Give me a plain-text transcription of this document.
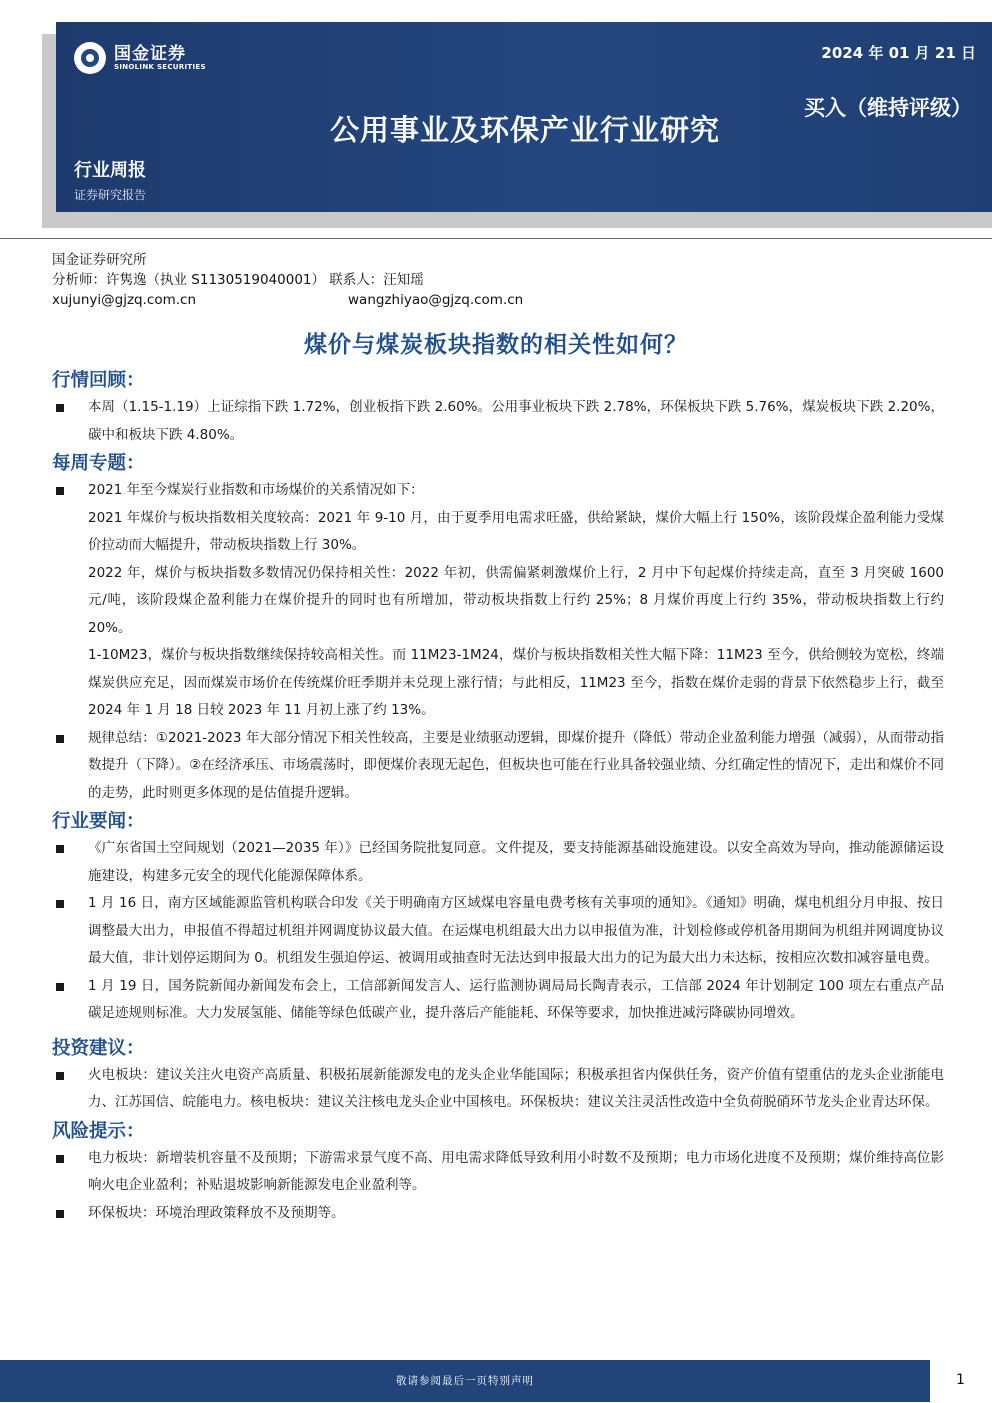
国金证券
SINOLINK SECURITIES
2024 年 01 月 21 日
买入（维持评级）
公用事业及环保产业行业研究
行业周报
证券研究报告
国金证券研究所
分析师：许隽逸（执业 S1130519040001） 联系人：汪知瑶
xujunyi@gjzq.com.cn	wangzhiyao@gjzq.com.cn
煤价与煤炭板块指数的相关性如何？
行情回顾：
本周（1.15-1.19）上证综指下跌 1.72%，创业板指下跌 2.60%。公用事业板块下跌 2.78%，环保板块下跌 5.76%，煤炭板块下跌 2.20%，碳中和板块下跌 4.80%。
每周专题：
2021 年至今煤炭行业指数和市场煤价的关系情况如下：
2021 年煤价与板块指数相关度较高：2021 年 9-10 月，由于夏季用电需求旺盛，供给紧缺，煤价大幅上行 150%，该阶段煤企盈利能力受煤价拉动而大幅提升，带动板块指数上行 30%。
2022 年，煤价与板块指数多数情况仍保持相关性：2022 年初，供需偏紧刺激煤价上行，2 月中下旬起煤价持续走高，直至 3 月突破 1600 元/吨，该阶段煤企盈利能力在煤价提升的同时也有所增加，带动板块指数上行约 25%；8 月煤价再度上行约 35%，带动板块指数上行约 20%。
1-10M23，煤价与板块指数继续保持较高相关性。而 11M23-1M24，煤价与板块指数相关性大幅下降：11M23 至今，供给侧较为宽松，终端煤炭供应充足，因而煤炭市场价在传统煤价旺季期并未兑现上涨行情；与此相反，11M23 至今，指数在煤价走弱的背景下依然稳步上行，截至 2024 年 1 月 18 日较 2023 年 11 月初上涨了约 13%。
规律总结：①2021-2023 年大部分情况下相关性较高，主要是业绩驱动逻辑，即煤价提升（降低）带动企业盈利能力增强（减弱），从而带动指数提升（下降）。②在经济承压、市场震荡时，即便煤价表现无起色，但板块也可能在行业具备较强业绩、分红确定性的情况下，走出和煤价不同的走势，此时则更多体现的是估值提升逻辑。
行业要闻：
《广东省国土空间规划（2021—2035 年）》已经国务院批复同意。文件提及，要支持能源基础设施建设。以安全高效为导向，推动能源储运设施建设，构建多元安全的现代化能源保障体系。
1 月 16 日，南方区域能源监管机构联合印发《关于明确南方区域煤电容量电费考核有关事项的通知》。《通知》明确，煤电机组分月申报、按日调整最大出力，申报值不得超过机组并网调度协议最大值。在运煤电机组最大出力以申报值为准，计划检修或停机备用期间为机组并网调度协议最大值，非计划停运期间为 0。机组发生强迫停运、被调用或抽查时无法达到申报最大出力的记为最大出力未达标，按相应次数扣减容量电费。
1 月 19 日，国务院新闻办新闻发布会上，工信部新闻发言人、运行监测协调局局长陶青表示，工信部 2024 年计划制定 100 项左右重点产品碳足迹规则标准。大力发展氢能、储能等绿色低碳产业，提升落后产能能耗、环保等要求，加快推进减污降碳协同增效。
投资建议：
火电板块：建议关注火电资产高质量、积极拓展新能源发电的龙头企业华能国际；积极承担省内保供任务，资产价值有望重估的龙头企业浙能电力、江苏国信、皖能电力。核电板块：建议关注核电龙头企业中国核电。环保板块：建议关注灵活性改造中全负荷脱硝环节龙头企业青达环保。
风险提示：
电力板块：新增装机容量不及预期；下游需求景气度不高、用电需求降低导致利用小时数不及预期；电力市场化进度不及预期；煤价维持高位影响火电企业盈利；补贴退坡影响新能源发电企业盈利等。
环保板块：环境治理政策释放不及预期等。
敬请参阅最后一页特别声明	1
